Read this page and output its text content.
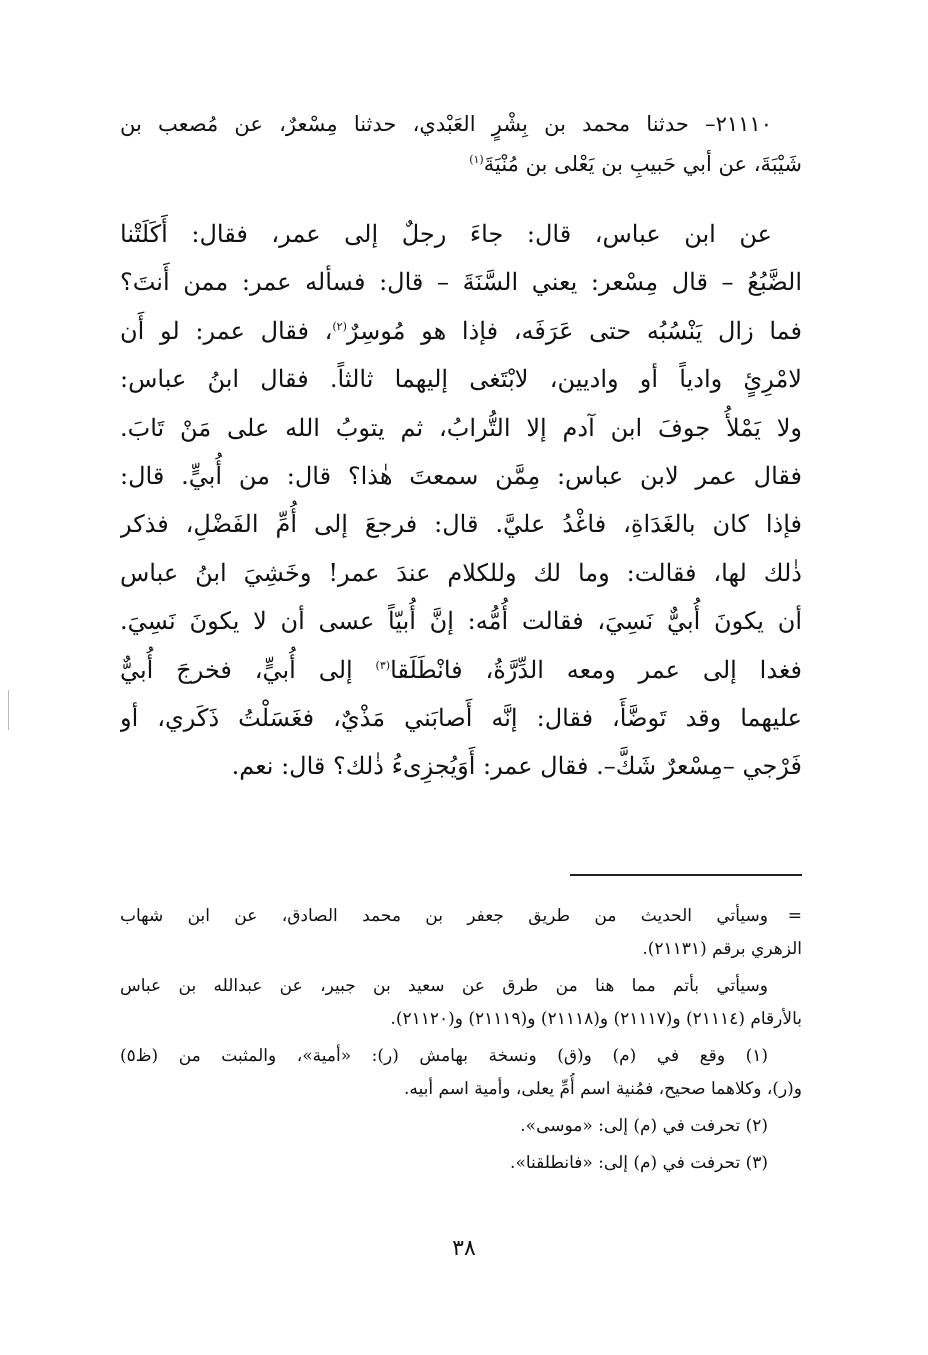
٢١١١٠– حدثنا محمد بن بِشْرٍ العَبْدي، حدثنا مِسْعرٌ، عن مُصعب بن
شَيْبَةَ، عن أبي حَبيبِ بن يَعْلى بن مُنْيَةَ$^{(١)}$
عن ابن عباس، قال: جاءَ رجلٌ إلى عمر، فقال: أَكَلَتْنا
الضَّبُعُ – قال مِسْعر: يعني السَّنَةَ – قال: فسأله عمر: ممن أَنتَ؟
فما زال يَنْسُبُه حتى عَرَفَه، فإذا هو مُوسِرٌ$^{(٢)}$، فقال عمر: لو أَن
لامْرِئٍ وادياً أو واديين، لابْتَغى إليهما ثالثاً. فقال ابنُ عباس:
ولا يَمْلأُ جوفَ ابن آدم إلا التُّرابُ، ثم يتوبُ الله على مَنْ تَابَ.
فقال عمر لابن عباس: مِمَّن سمعتَ هٰذا؟ قال: من أُبيٍّ. قال:
فإذا كان بالغَدَاةِ، فاغْدُ عليَّ. قال: فرجعَ إلى أُمِّ الفَضْلِ، فذكر
ذٰلك لها، فقالت: وما لك وللكلام عندَ عمر! وخَشِيَ ابنُ عباس
أن يكونَ أُبيٌّ نَسِيَ، فقالت أُمُّه: إنَّ أُبيّاً عسى أن لا يكونَ نَسِيَ.
فغدا إلى عمر ومعه الدِّرَّةُ، فانْطَلَقا$^{(٣)}$ إلى أُبيٍّ، فخرجَ أُبيٌّ
عليهما وقد تَوضَّأَ، فقال: إنَّه أَصابَني مَذْيٌ، فغَسَلْتُ ذَكَري، أو
فَرْجي –مِسْعرٌ شَكَّ–. فقال عمر: أَوَيُجزِىءُ ذٰلك؟ قال: نعم.
=وسيأتي الحديث من طريق جعفر بن محمد الصادق، عن ابن شهاب
الزهري برقم (٢١١٣١).
وسيأتي بأتم مما هنا من طرق عن سعيد بن جبير، عن عبدالله بن عباس
بالأرقام (٢١١١٤) و(٢١١١٧) و(٢١١١٨) و(٢١١١٩) و(٢١١٢٠).
(١) وقع في (م) و(ق) ونسخة بهامش (ر): «أمية»، والمثبت من (ظ٥)
و(ر)، وكلاهما صحيح، فمُنية اسم أُمِّ يعلى، وأمية اسم أبيه.
(٢) تحرفت في (م) إلى: «موسى».
(٣) تحرفت في (م) إلى: «فانطلقنا».
٣٨
